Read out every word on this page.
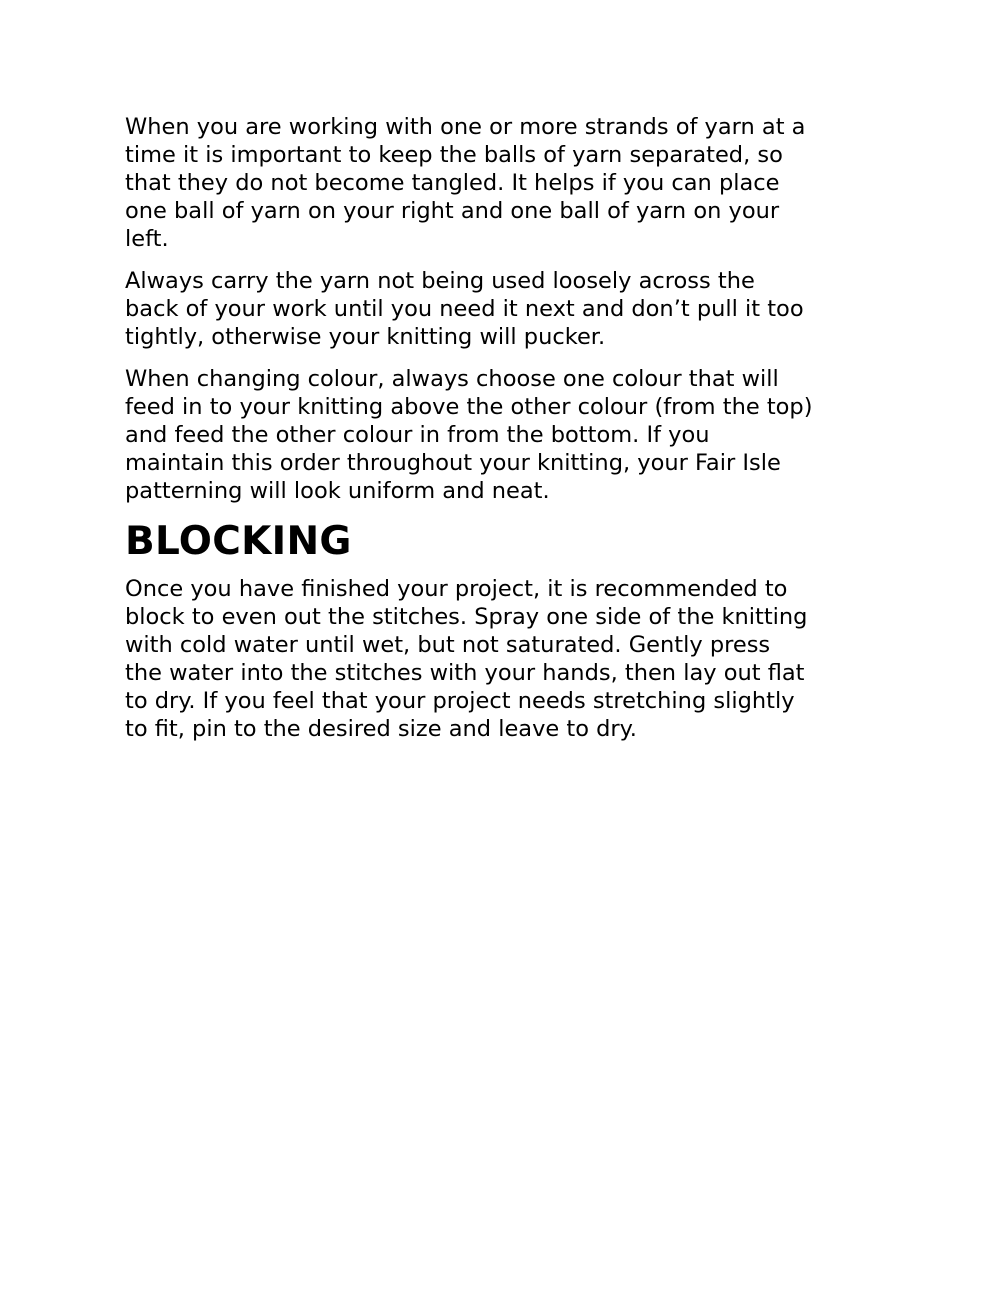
When you are working with one or more strands of yarn at a
time it is important to keep the balls of yarn separated, so
that they do not become tangled. It helps if you can place
one ball of yarn on your right and one ball of yarn on your
left.

Always carry the yarn not being used loosely across the
back of your work until you need it next and don’t pull it too
tightly, otherwise your knitting will pucker.

When changing colour, always choose one colour that will
feed in to your knitting above the other colour (from the top)
and feed the other colour in from the bottom. If you
maintain this order throughout your knitting, your Fair Isle
patterning will look uniform and neat.

BLOCKING

Once you have finished your project, it is recommended to
block to even out the stitches. Spray one side of the knitting
with cold water until wet, but not saturated. Gently press
the water into the stitches with your hands, then lay out flat
to dry. If you feel that your project needs stretching slightly
to fit, pin to the desired size and leave to dry.
